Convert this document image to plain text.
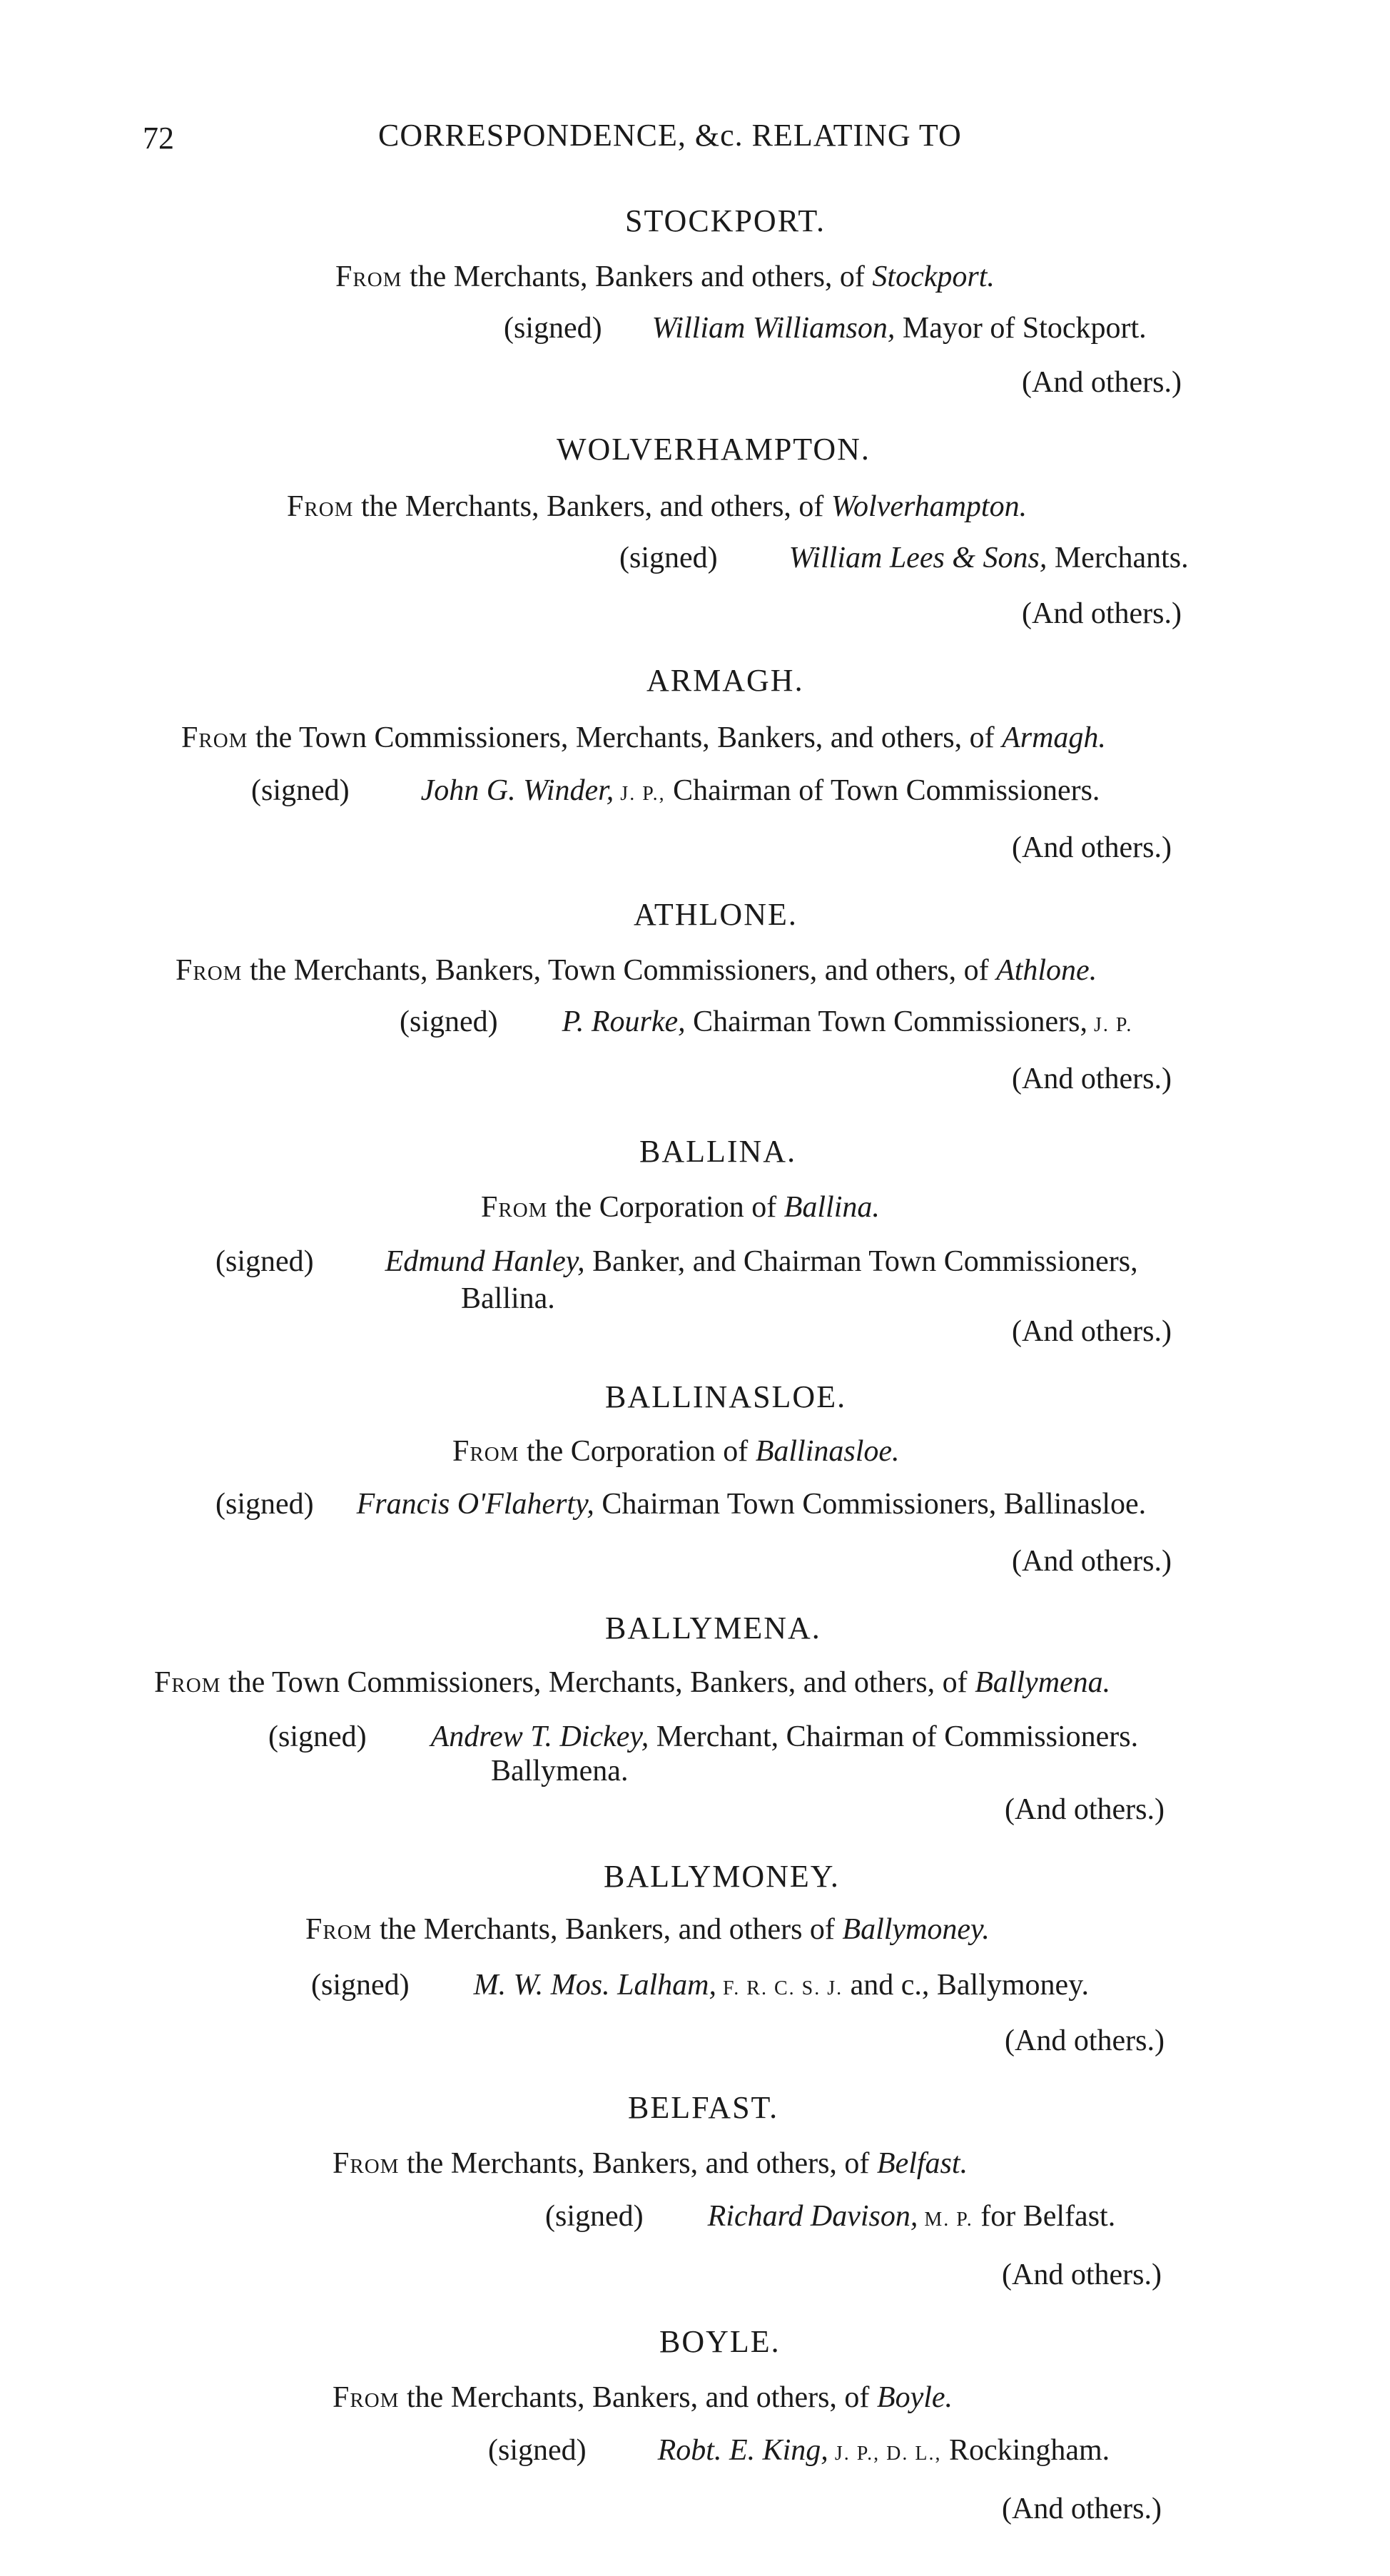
72	CORRESPONDENCE, &c. RELATING TO
STOCKPORT.
From the Merchants, Bankers and others, of Stockport.
(signed) William Williamson, Mayor of Stockport.
(And others.)
WOLVERHAMPTON.
From the Merchants, Bankers, and others, of Wolverhampton.
(signed) William Lees & Sons, Merchants.
(And others.)
ARMAGH.
From the Town Commissioners, Merchants, Bankers, and others, of Armagh.
(signed) John G. Winder, J. P., Chairman of Town Commissioners.
(And others.)
ATHLONE.
From the Merchants, Bankers, Town Commissioners, and others, of Athlone.
(signed) P. Rourke, Chairman Town Commissioners, J. P.
(And others.)
BALLINA.
From the Corporation of Ballina.
(signed) Edmund Hanley, Banker, and Chairman Town Commissioners,
Ballina.
(And others.)
BALLINASLOE.
From the Corporation of Ballinasloe.
(signed) Francis O'Flaherty, Chairman Town Commissioners, Ballinasloe.
(And others.)
BALLYMENA.
From the Town Commissioners, Merchants, Bankers, and others, of Ballymena.
(signed) Andrew T. Dickey, Merchant, Chairman of Commissioners.
Ballymena.
(And others.)
BALLYMONEY.
From the Merchants, Bankers, and others of Ballymoney.
(signed) M. W. Mos. Lalham, F. R. C. S. J. and c., Ballymoney.
(And others.)
BELFAST.
From the Merchants, Bankers, and others, of Belfast.
(signed) Richard Davison, M. P. for Belfast.
(And others.)
BOYLE.
From the Merchants, Bankers, and others, of Boyle.
(signed) Robt. E. King, J. P., D. L., Rockingham.
(And others.)
